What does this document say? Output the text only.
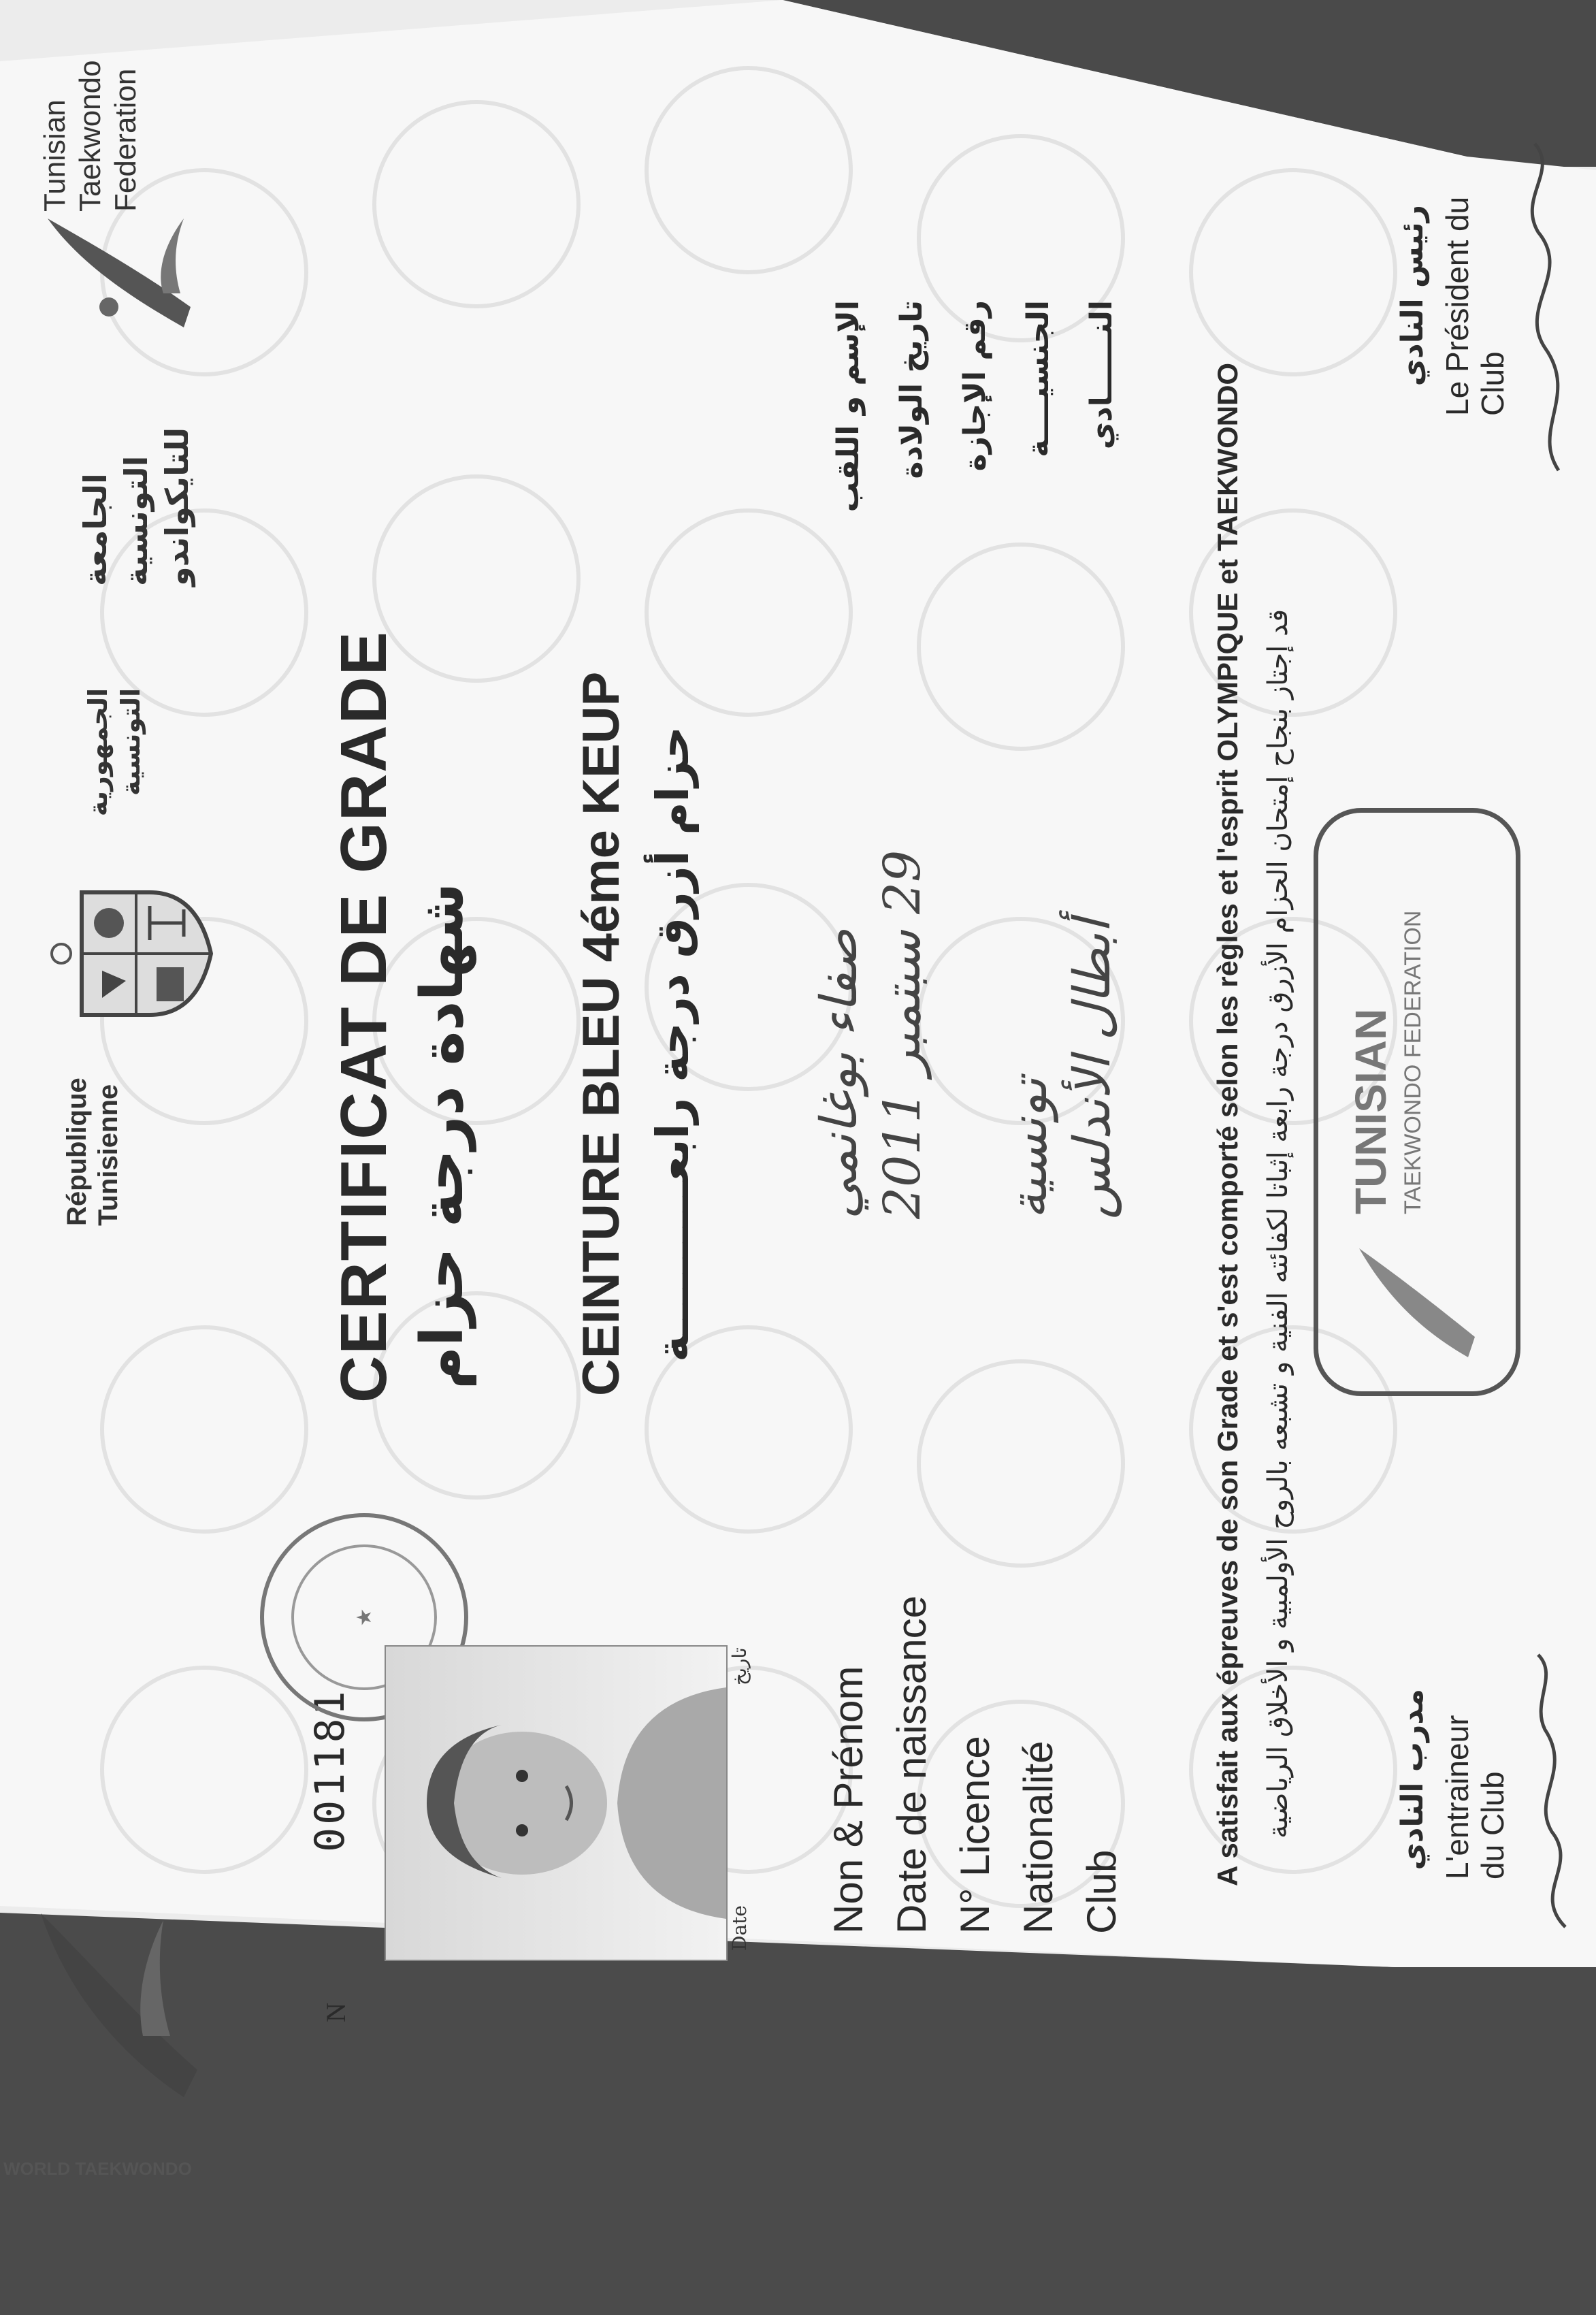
الجامعة التونسية للتايكواندو
Tunisian Taekwondo Federation
République Tunisienne
الجمهورية التونسية
WORLD TAEKWONDO
CERTIFICAT DE GRADE شهادة درجة حزام CEINTURE BLEU 4éme KEUP حزام أزرق درجة رابعــــــــــة
001181
N
★
Date
تاريخ Non & Prénom
صفاء بوغانمي
الإسم و اللقب
Date de naissance
29 سبتمبر 2011
تاريخ الولادة
N° Licence
رقم الإجازة
Nationalité
تونسية
الجنسيــــة
Club
أبطال الأندلس
النــــــادي	A satisfait aux épreuves de son Grade et s'est comporté selon les règles et l'esprit OLYMPIQUE et TAEKWONDO قد إجتاز بنجاح إمتحان الحزام الأزرق درجة رابعة إثباتا لكفائته الفنية و تشبعه بالروح الأولمبية و الأخلاق الرياضية	مدرب النادي L'entraineur du Club
رئيس النادي Le Président du Club
TUNISIAN TAEKWONDO FEDERATION
